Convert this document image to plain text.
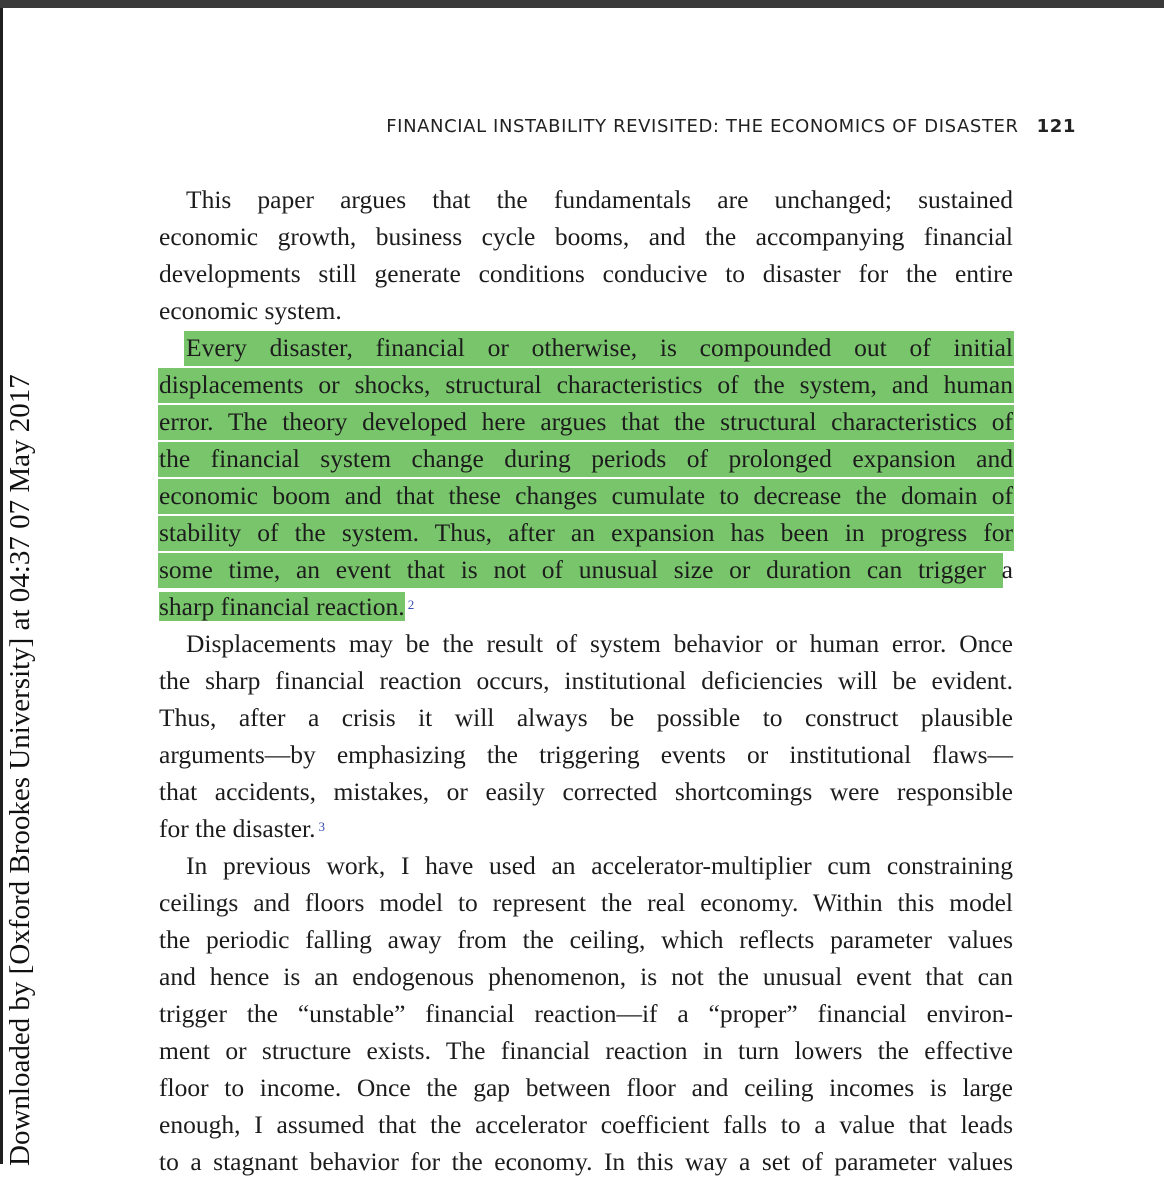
FINANCIAL INSTABILITY REVISITED: THE ECONOMICS OF DISASTER 121
Downloaded by [Oxford Brookes University] at 04:37 07 May 2017
This paper argues that the fundamentals are unchanged; sustained
economic growth, business cycle booms, and the accompanying financial
developments still generate conditions conducive to disaster for the entire
economic system.
Every disaster, financial or otherwise, is compounded out of initial
displacements or shocks, structural characteristics of the system, and human
error. The theory developed here argues that the structural characteristics of
the financial system change during periods of prolonged expansion and
economic boom and that these changes cumulate to decrease the domain of
stability of the system. Thus, after an expansion has been in progress for
some time, an event that is not of unusual size or duration can trigger a
sharp financial reaction. $^2$
Displacements may be the result of system behavior or human error. Once
the sharp financial reaction occurs, institutional deficiencies will be evident.
Thus, after a crisis it will always be possible to construct plausible
arguments—by emphasizing the triggering events or institutional flaws—
that accidents, mistakes, or easily corrected shortcomings were responsible
for the disaster. $^3$
In previous work, I have used an accelerator-multiplier cum constraining
ceilings and floors model to represent the real economy. Within this model
the periodic falling away from the ceiling, which reflects parameter values
and hence is an endogenous phenomenon, is not the unusual event that can
trigger the “unstable” financial reaction—if a “proper” financial environ-
ment or structure exists. The financial reaction in turn lowers the effective
floor to income. Once the gap between floor and ceiling incomes is large
enough, I assumed that the accelerator coefficient falls to a value that leads
to a stagnant behavior for the economy. In this way a set of parameter values
